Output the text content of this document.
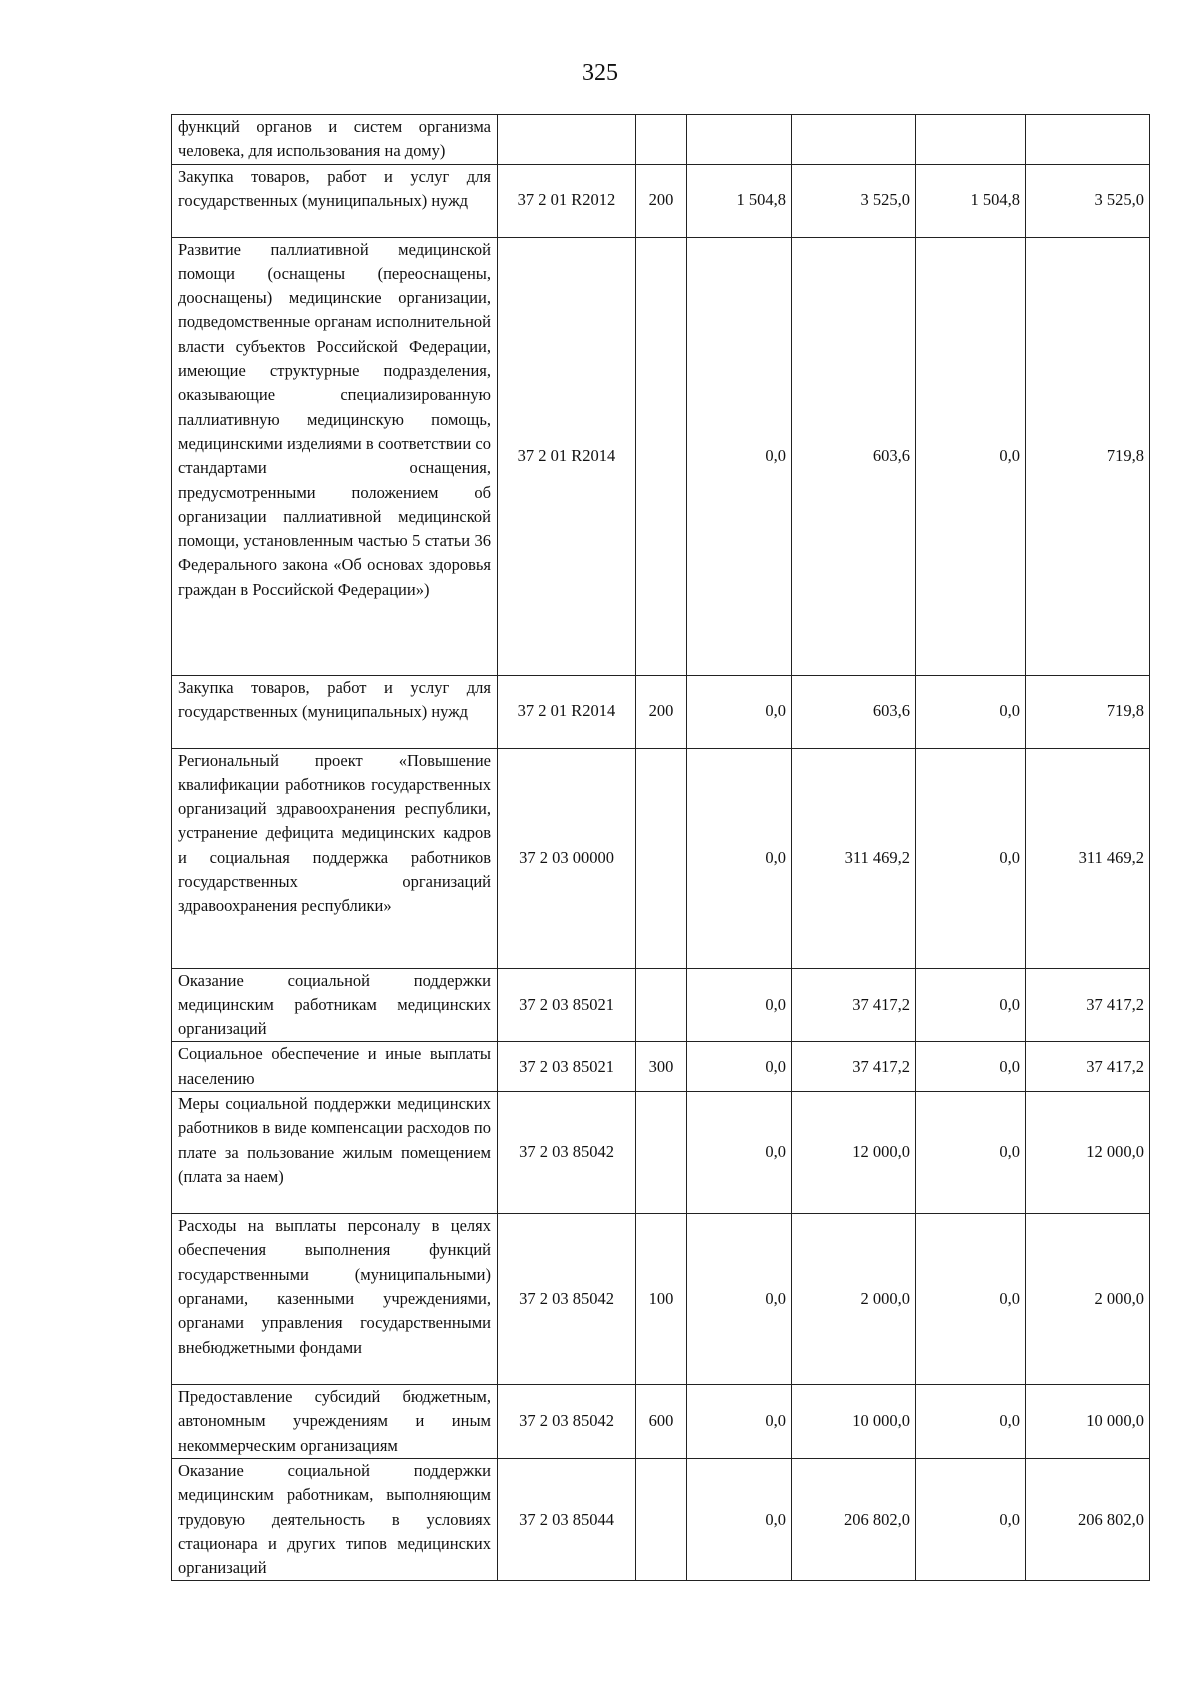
325
функций органов и систем организма человека, для использования на дому)						
Закупка товаров, работ и услуг для государственных (муниципальных) нужд	37 2 01 R2012	200	1 504,8	3 525,0	1 504,8	3 525,0
Развитие паллиативной медицинской помощи (оснащены (переоснащены, дооснащены) медицинские организации, подведомственные органам исполнительной власти субъектов Российской Федерации, имеющие структурные подразделения, оказывающие специализированную паллиативную медицинскую помощь, медицинскими изделиями в соответствии со стандартами оснащения, предусмотренными положением об организации паллиативной медицинской помощи, установленным частью 5 статьи 36 Федерального закона «Об основах здоровья граждан в Российской Федерации»)	37 2 01 R2014		0,0	603,6	0,0	719,8
Закупка товаров, работ и услуг для государственных (муниципальных) нужд	37 2 01 R2014	200	0,0	603,6	0,0	719,8
Региональный проект «Повышение квалификации работников государственных организаций здравоохранения республики, устранение дефицита медицинских кадров и социальная поддержка работников государственных организаций здравоохранения республики»	37 2 03 00000		0,0	311 469,2	0,0	311 469,2
Оказание социальной поддержки медицинским работникам медицинских организаций	37 2 03 85021		0,0	37 417,2	0,0	37 417,2
Социальное обеспечение и иные выплаты населению	37 2 03 85021	300	0,0	37 417,2	0,0	37 417,2
Меры социальной поддержки медицинских работников в виде компенсации расходов по плате за пользование жилым помещением (плата за наем)	37 2 03 85042		0,0	12 000,0	0,0	12 000,0
Расходы на выплаты персоналу в целях обеспечения выполнения функций государственными (муниципальными) органами, казенными учреждениями, органами управления государственными внебюджетными фондами	37 2 03 85042	100	0,0	2 000,0	0,0	2 000,0
Предоставление субсидий бюджетным, автономным учреждениям и иным некоммерческим организациям	37 2 03 85042	600	0,0	10 000,0	0,0	10 000,0
Оказание социальной поддержки медицинским работникам, выполняющим трудовую деятельность в условиях стационара и других типов медицинских организаций	37 2 03 85044		0,0	206 802,0	0,0	206 802,0
